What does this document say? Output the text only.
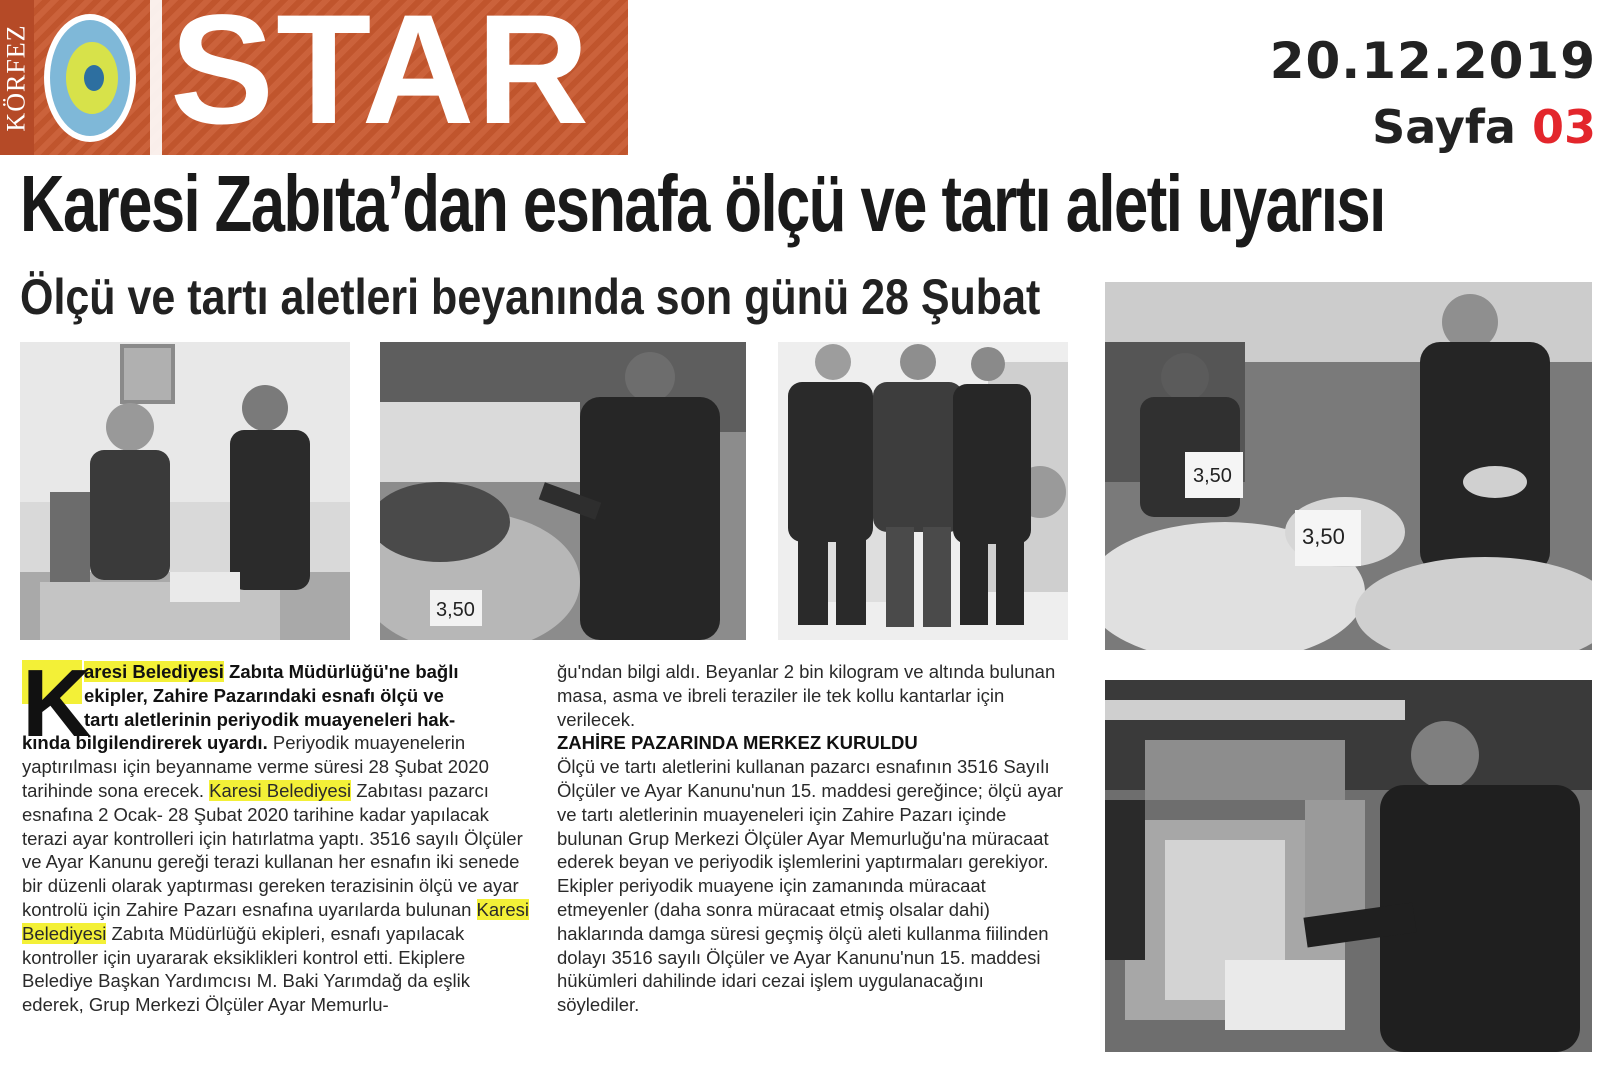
KÖRFEZ STAR	20.12.2019
Sayfa 03
Karesi Zabıta’dan esnafa ölçü ve tartı aleti uyarısı
Ölçü ve tartı aletleri beyanında son günü 28 Şubat
3,50
3,50
3,50
K
aresi Belediyesi Zabıta Müdürlüğü'ne bağlı
ekipler, Zahire Pazarındaki esnafı ölçü ve
tartı aletlerinin periyodik muayeneleri hak-
kında bilgilendirerek uyardı. Periyodik muayenelerin yaptırılması için beyanname verme süresi 28 Şubat 2020 tarihinde sona erecek. Karesi Belediyesi Zabıtası pazarcı esnafına 2 Ocak- 28 Şubat 2020 tarihine kadar yapılacak terazi ayar kontrolleri için hatırlatma yaptı. 3516 sayılı Ölçüler ve Ayar Kanunu gereği terazi kullanan her esnafın iki senede bir düzenli olarak yaptırması gereken terazisinin ölçü ve ayar kontrolü için Zahire Pazarı esnafına uyarılarda bulunan Karesi Belediyesi Zabıta Müdürlüğü ekipleri, esnafı yapılacak kontroller için uyararak eksiklikleri kontrol etti. Ekiplere Belediye Başkan Yardımcısı M. Baki Yarımdağ da eşlik ederek, Grup Merkezi Ölçüler Ayar Memurlu-
ğu'ndan bilgi aldı. Beyanlar 2 bin kilogram ve altında bulunan masa, asma ve ibreli teraziler ile tek kollu kantarlar için verilecek.
ZAHİRE PAZARINDA MERKEZ KURULDU
Ölçü ve tartı aletlerini kullanan pazarcı esnafının 3516 Sayılı Ölçüler ve Ayar Kanunu'nun 15. maddesi gereğince; ölçü ayar ve tartı aletlerinin muayeneleri için Zahire Pazarı içinde bulunan Grup Merkezi Ölçüler Ayar Memurluğu'na müracaat ederek beyan ve periyodik işlemlerini yaptırmaları gerekiyor. Ekipler periyodik muayene için zamanında müracaat etmeyenler (daha sonra müracaat etmiş olsalar dahi) haklarında damga süresi geçmiş ölçü aleti kullanma fiilinden dolayı 3516 sayılı Ölçüler ve Ayar Kanunu'nun 15. maddesi hükümleri dahilinde idari cezai işlem uygulanacağını söylediler.
